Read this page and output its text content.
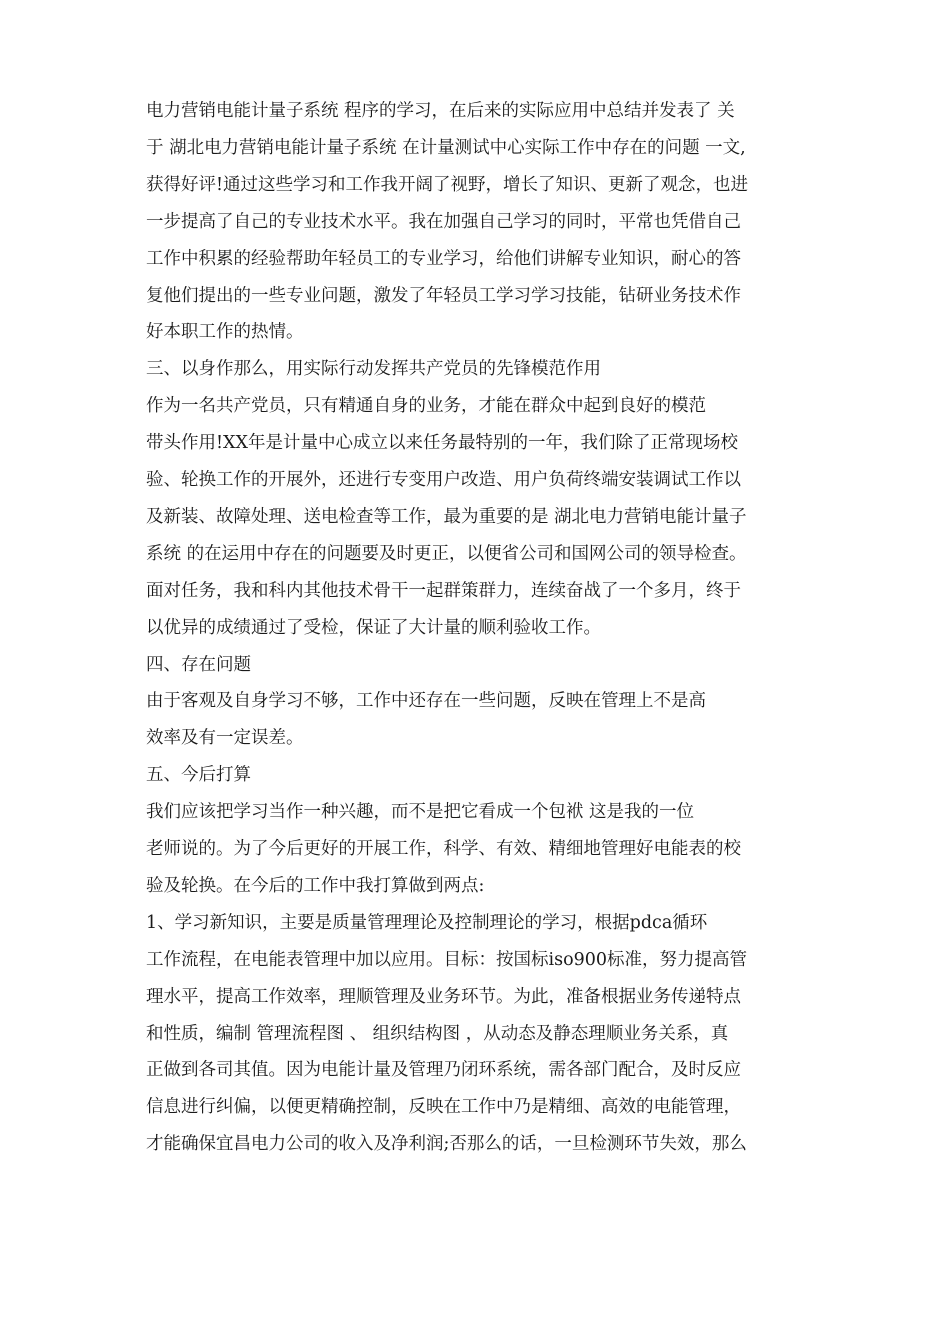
电力营销电能计量子系统 程序的学习，在后来的实际应用中总结并发表了 关
于 湖北电力营销电能计量子系统 在计量测试中心实际工作中存在的问题 一文,
获得好评!通过这些学习和工作我开阔了视野，增长了知识、更新了观念，也进
一步提高了自己的专业技术水平。我在加强自己学习的同时，平常也凭借自己
工作中积累的经验帮助年轻员工的专业学习，给他们讲解专业知识，耐心的答
复他们提出的一些专业问题，激发了年轻员工学习学习技能，钻研业务技术作
好本职工作的热情。
三、以身作那么，用实际行动发挥共产党员的先锋模范作用
作为一名共产党员，只有精通自身的业务，才能在群众中起到良好的模范
带头作用!XX年是计量中心成立以来任务最特别的一年，我们除了正常现场校
验、轮换工作的开展外，还进行专变用户改造、用户负荷终端安装调试工作以
及新装、故障处理、送电检查等工作，最为重要的是 湖北电力营销电能计量子
系统 的在运用中存在的问题要及时更正，以便省公司和国网公司的领导检查。
面对任务，我和科内其他技术骨干一起群策群力，连续奋战了一个多月，终于
以优异的成绩通过了受检，保证了大计量的顺利验收工作。
四、存在问题
由于客观及自身学习不够，工作中还存在一些问题，反映在管理上不是高
效率及有一定误差。
五、今后打算
我们应该把学习当作一种兴趣，而不是把它看成一个包袱 这是我的一位
老师说的。为了今后更好的开展工作，科学、有效、精细地管理好电能表的校
验及轮换。在今后的工作中我打算做到两点:
1、学习新知识，主要是质量管理理论及控制理论的学习，根据pdca循环
工作流程，在电能表管理中加以应用。目标：按国标iso900标准，努力提高管
理水平，提高工作效率，理顺管理及业务环节。为此，准备根据业务传递特点
和性质，编制 管理流程图 、 组织结构图 ，从动态及静态理顺业务关系，真
正做到各司其值。因为电能计量及管理乃闭环系统，需各部门配合，及时反应
信息进行纠偏，以便更精确控制，反映在工作中乃是精细、高效的电能管理，
才能确保宜昌电力公司的收入及净利润;否那么的话，一旦检测环节失效，那么
